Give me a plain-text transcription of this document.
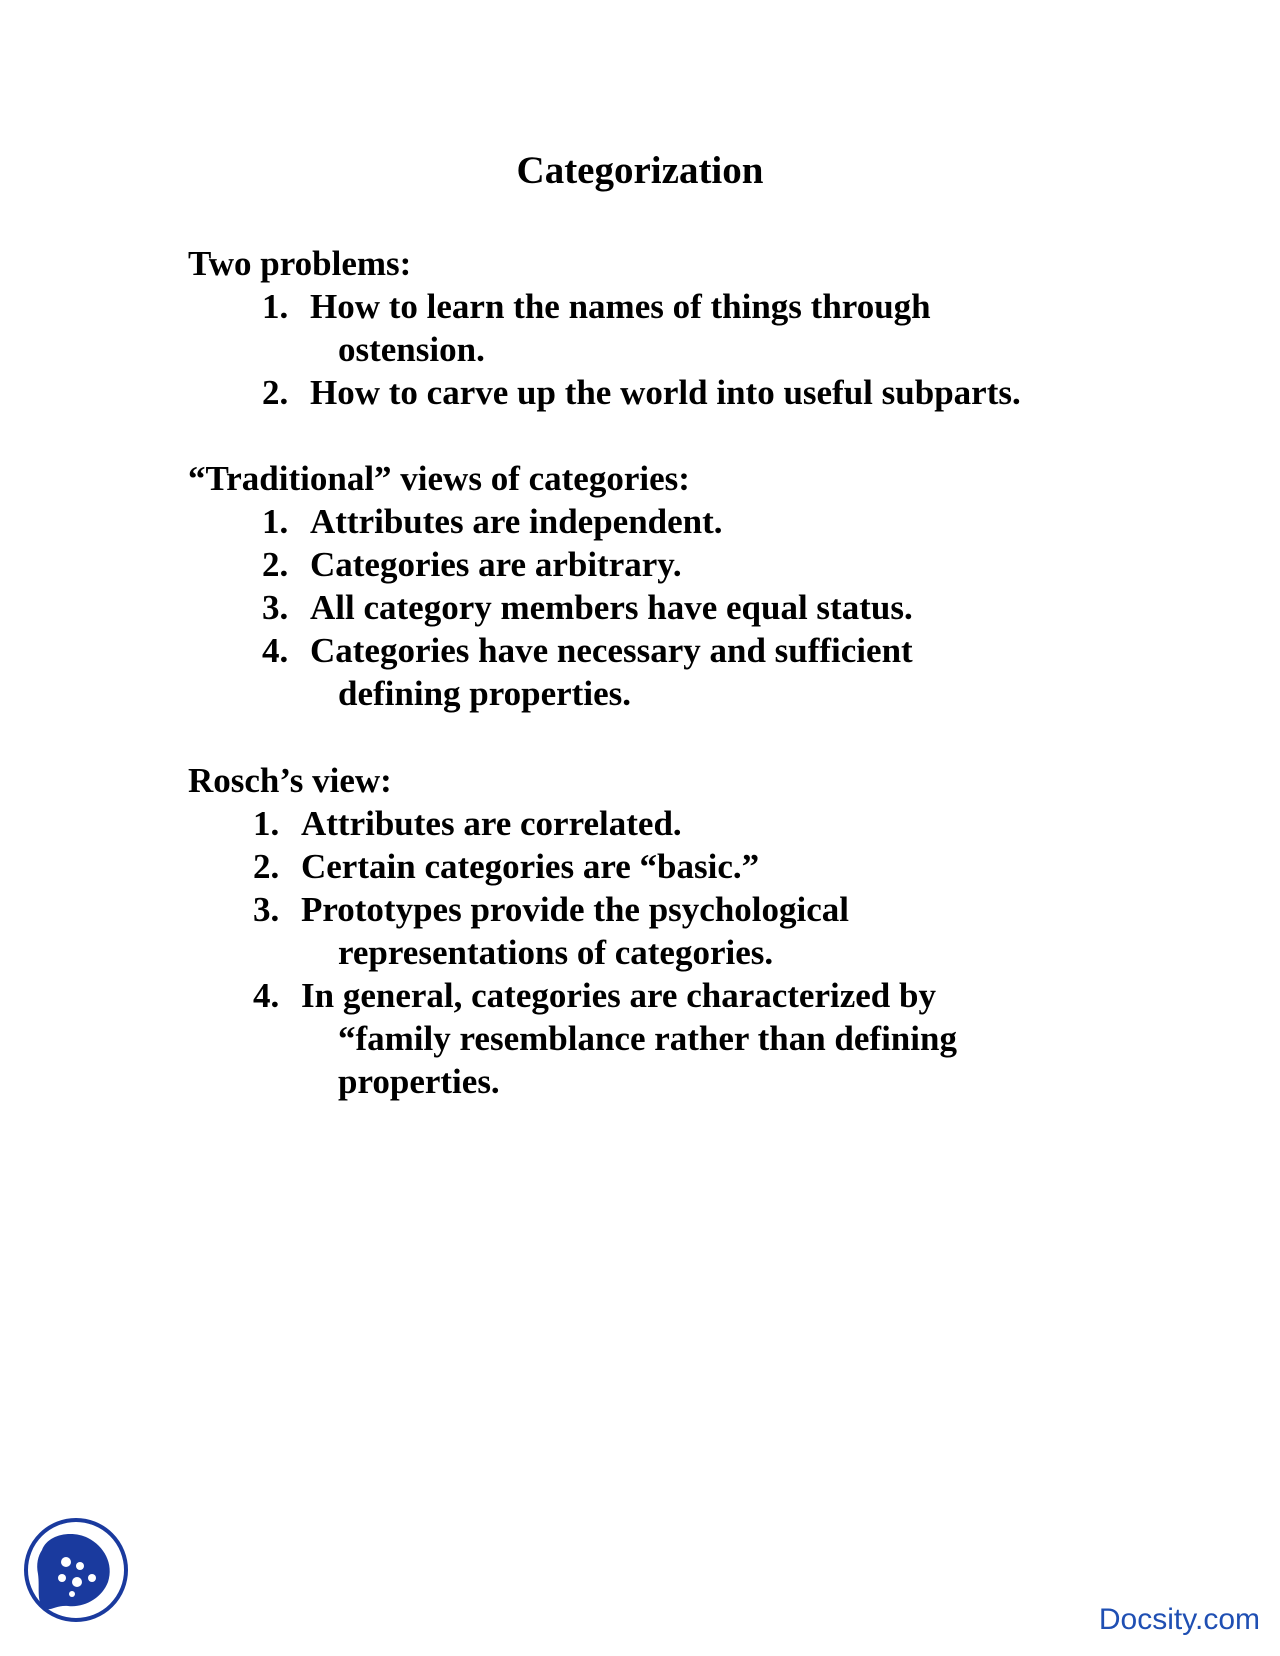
Categorization
Two problems:
1. How to learn the names of things through
ostension.
2. How to carve up the world into useful subparts.
“Traditional” views of categories:
1. Attributes are independent.
2. Categories are arbitrary.
3. All category members have equal status.
4. Categories have necessary and sufficient
defining properties.
Rosch’s view:
1. Attributes are correlated.
2. Certain categories are “basic.”
3. Prototypes provide the psychological
representations of categories.
4. In general, categories are characterized by
“family resemblance rather than defining
properties.
Docsity.com
